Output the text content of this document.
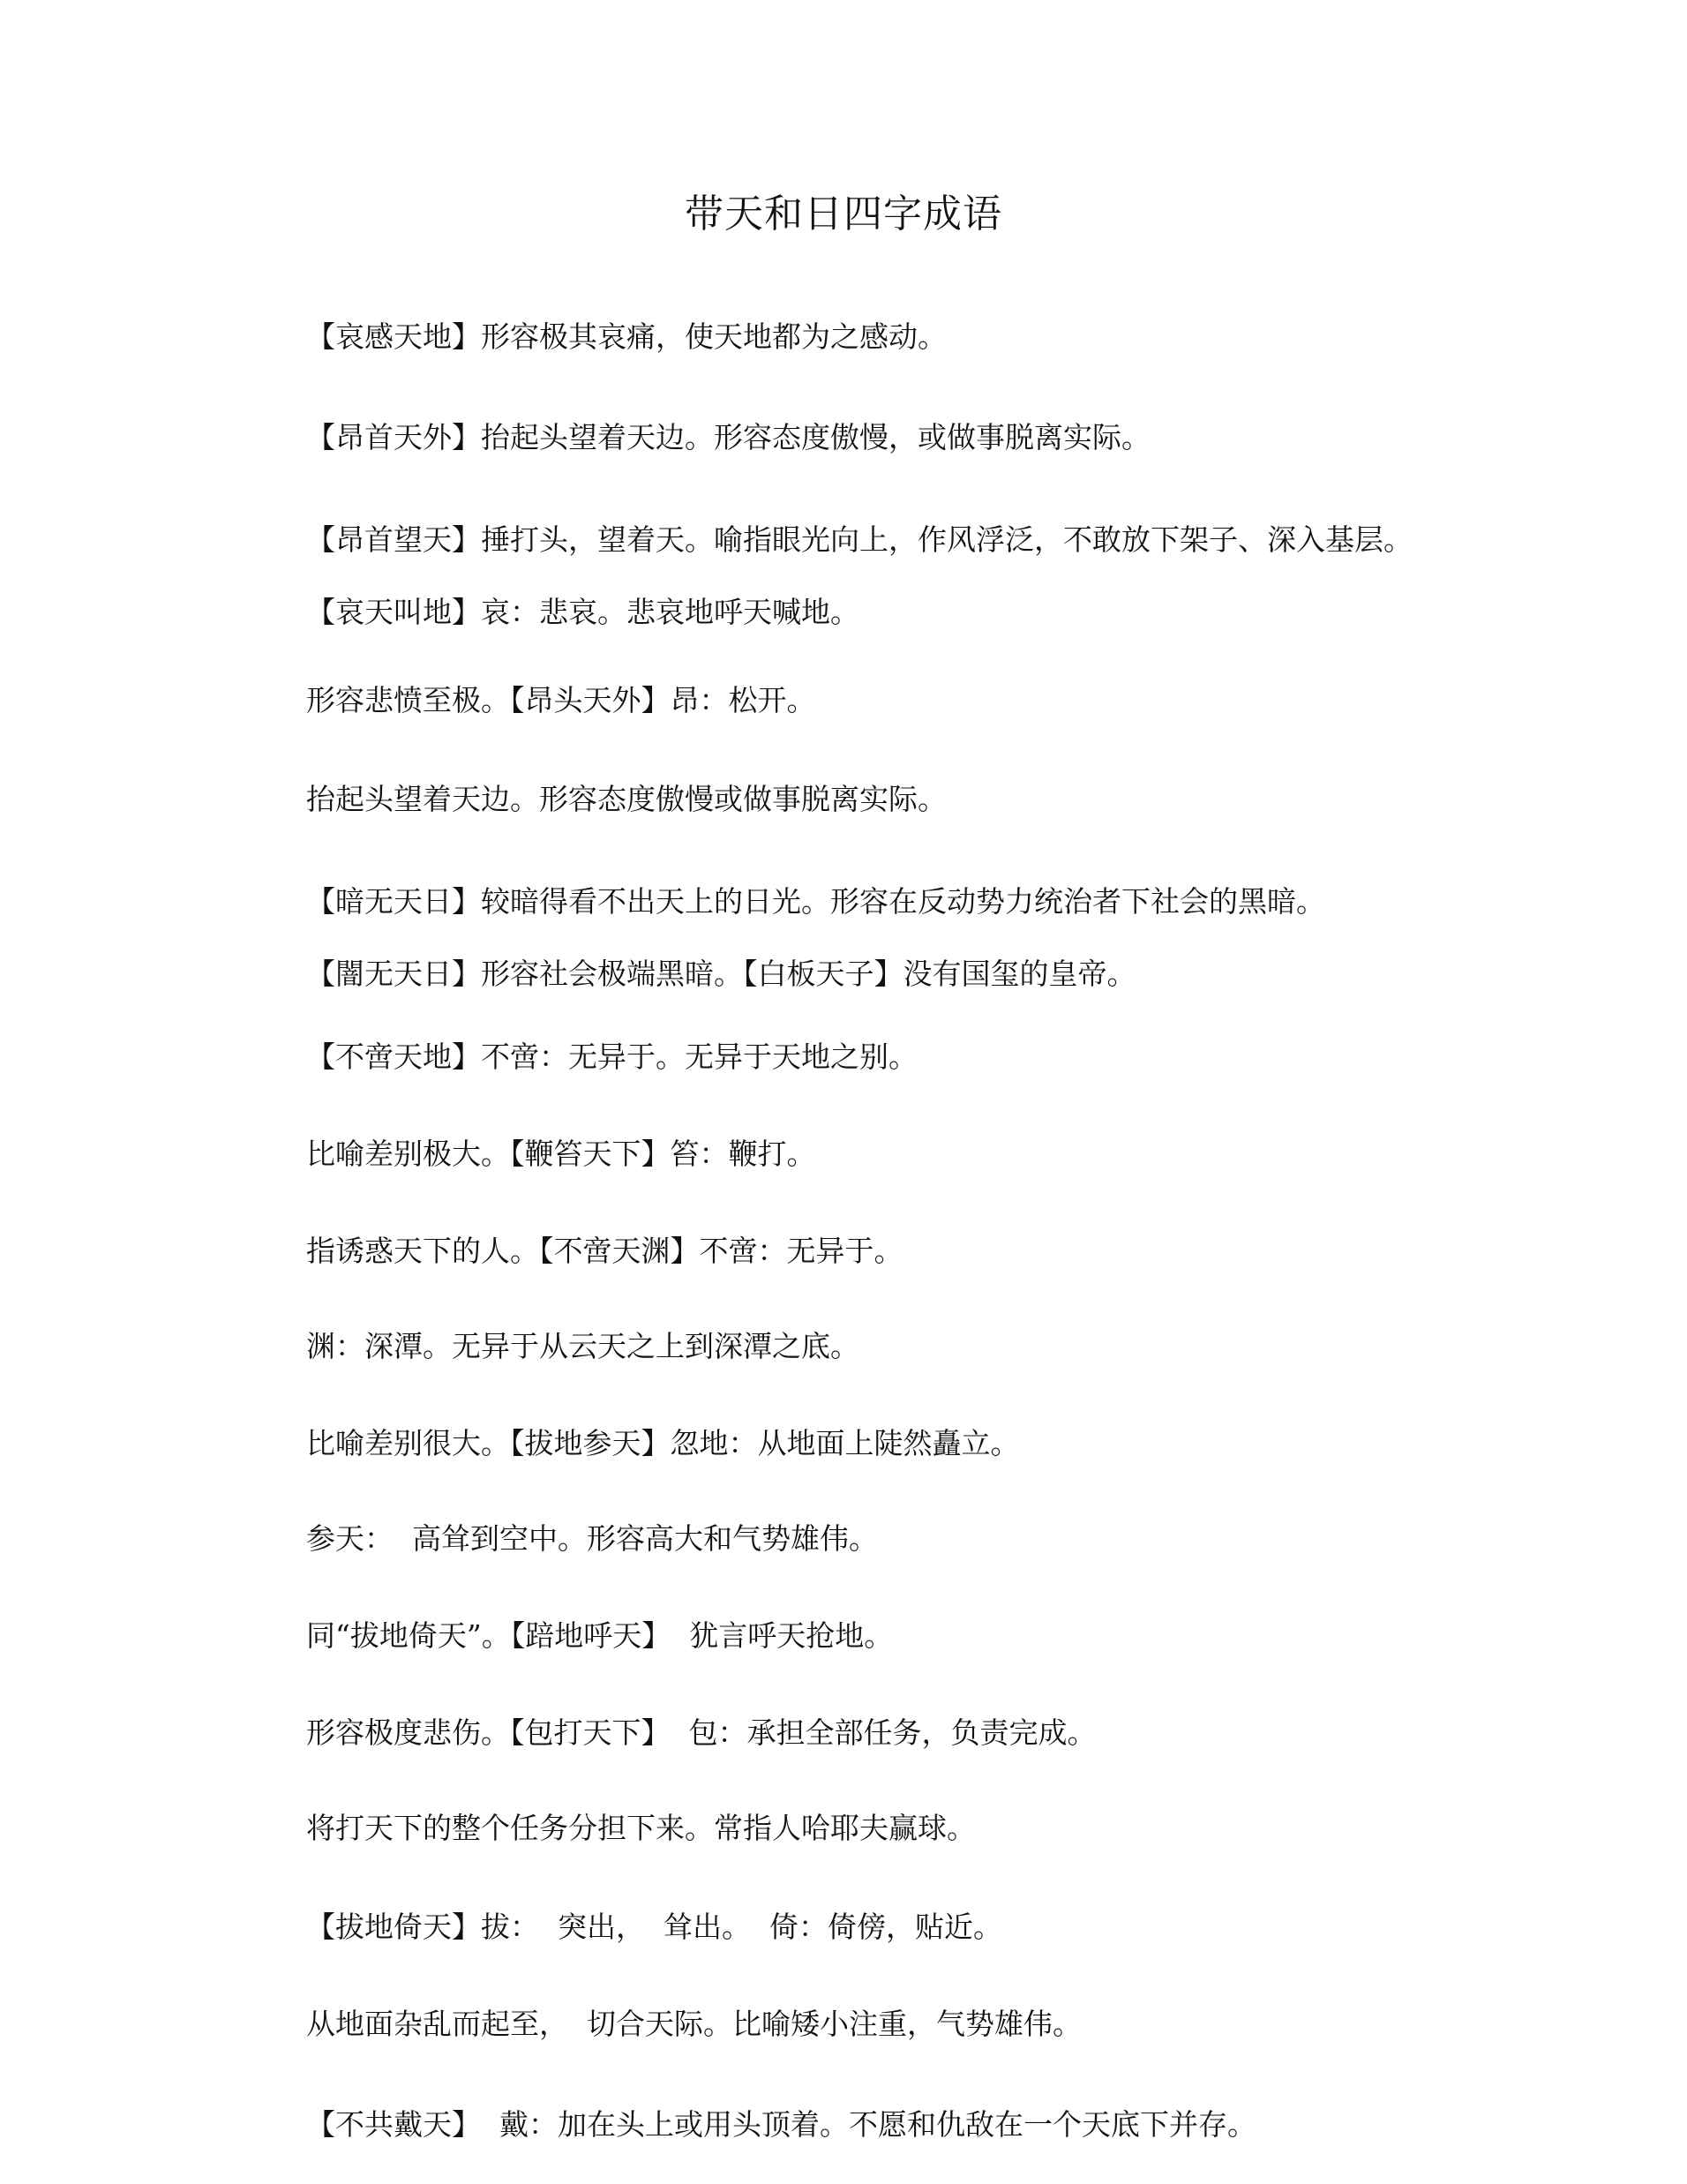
带天和日四字成语

【哀感天地】形容极其哀痛，使天地都为之感动。

【昂首天外】抬起头望着天边。形容态度傲慢，或做事脱离实际。

【昂首望天】捶打头，望着天。喻指眼光向上，作风浮泛，不敢放下架子、深入基层。

【哀天叫地】哀：悲哀。悲哀地呼天喊地。

形容悲愤至极。【昂头天外】昂：松开。

抬起头望着天边。形容态度傲慢或做事脱离实际。

【暗无天日】较暗得看不出天上的日光。形容在反动势力统治者下社会的黑暗。

【闇无天日】形容社会极端黑暗。【白板天子】没有国玺的皇帝。

【不啻天地】不啻：无异于。无异于天地之别。

比喻差别极大。【鞭笞天下】笞：鞭打。

指诱惑天下的人。【不啻天渊】不啻：无异于。

渊：深潭。无异于从云天之上到深潭之底。

比喻差别很大。【拔地参天】忽地：从地面上陡然矗立。

参天：  高耸到空中。形容高大和气势雄伟。

同“拔地倚天”。【踣地呼天】  犹言呼天抢地。

形容极度悲伤。【包打天下】  包：承担全部任务，负责完成。

将打天下的整个任务分担下来。常指人哈耶夫赢球。

【拔地倚天】拔：  突出，  耸出。  倚：倚傍，贴近。

从地面杂乱而起至，  切合天际。比喻矮小注重，气势雄伟。

【不共戴天】  戴：加在头上或用头顶着。不愿和仇敌在一个天底下并存。
